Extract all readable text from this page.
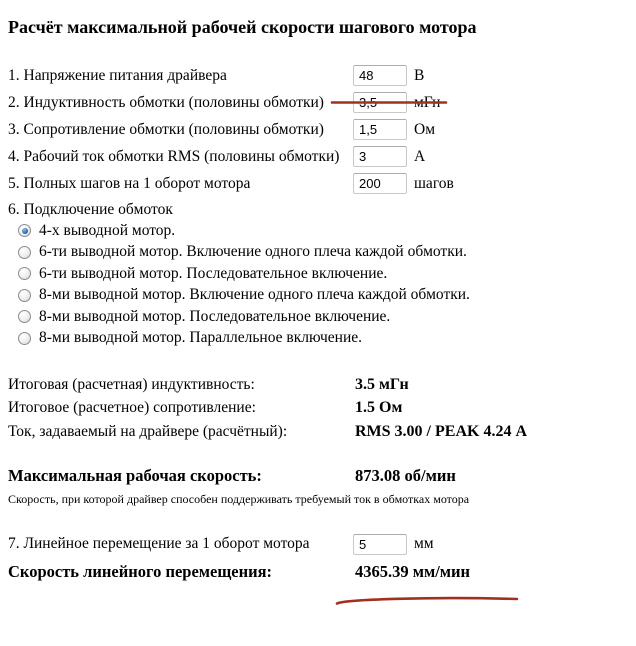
Расчёт максимальной рабочей скорости шагового мотора
1. Напряжение питания драйвера
48	В
2. Индуктивность обмотки (половины обмотки)
3,5	мГн
3. Сопротивление обмотки (половины обмотки)
1,5	Ом
4. Рабочий ток обмотки RMS (половины обмотки)
3	А
5. Полных шагов на 1 оборот мотора
200	шагов
6. Подключение обмоток
4-х выводной мотор.
6-ти выводной мотор. Включение одного плеча каждой обмотки.
6-ти выводной мотор. Последовательное включение.
8-ми выводной мотор. Включение одного плеча каждой обмотки.
8-ми выводной мотор. Последовательное включение.
8-ми выводной мотор. Параллельное включение.
Итоговая (расчетная) индуктивность:	3.5 мГн
Итоговое (расчетное) сопротивление:	1.5 Ом
Ток, задаваемый на драйвере (расчётный):	RMS 3.00 / PEAK 4.24 А
Максимальная рабочая скорость:	873.08 об/мин
Скорость, при которой драйвер способен поддерживать требуемый ток в обмотках мотора
7. Линейное перемещение за 1 оборот мотора
5	мм
Скорость линейного перемещения:	4365.39 мм/мин
